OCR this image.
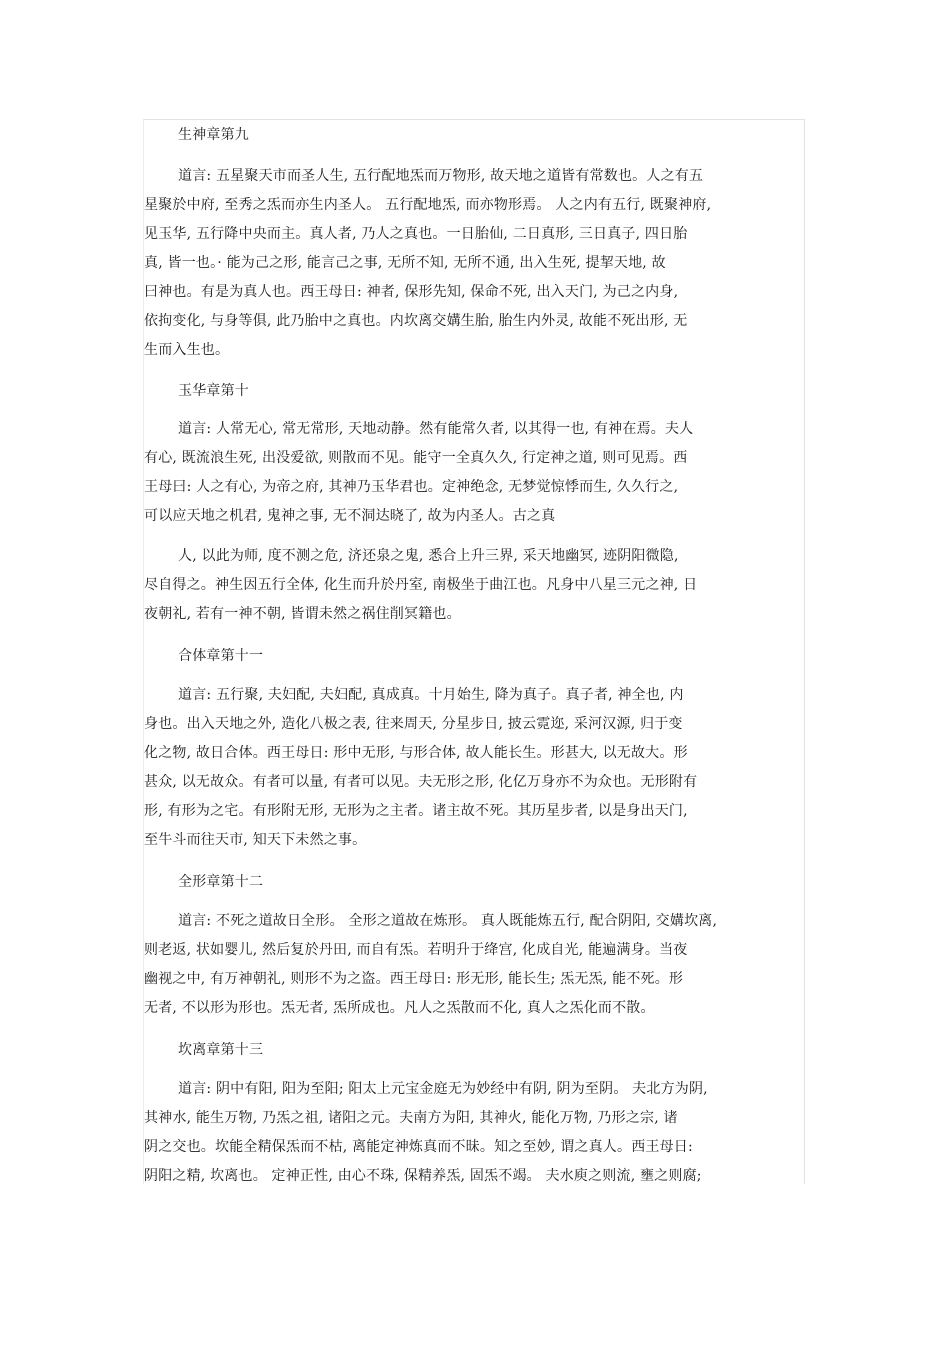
生神章第九
道言: 五星聚天市而圣人生, 五行配地炁而万物形, 故天地之道皆有常数也。人之有五
星聚於中府, 至秀之炁而亦生内圣人。 五行配地炁, 而亦物形焉。 人之内有五行, 既聚神府,
见玉华, 五行降中央而主。真人者, 乃人之真也。一日胎仙, 二日真形, 三日真子, 四日胎
真, 皆一也。· 能为己之形, 能言己之事, 无所不知, 无所不通, 出入生死, 提挈天地, 故
曰神也。有是为真人也。西王母日: 神者, 保形先知, 保命不死, 出入天门, 为己之内身,
依拘变化, 与身等俱, 此乃胎中之真也。内坎离交媾生胎, 胎生内外灵, 故能不死出形, 无
生而入生也。
玉华章第十
道言: 人常无心, 常无常形, 天地动静。然有能常久者, 以其得一也, 有神在焉。夫人
有心, 既流浪生死, 出没爱欲, 则散而不见。能守一全真久久, 行定神之道, 则可见焉。西
王母曰: 人之有心, 为帝之府, 其神乃玉华君也。定神绝念, 无梦觉惊悸而生, 久久行之,
可以应天地之机君, 鬼神之事, 无不洞达晓了, 故为内圣人。古之真
人, 以此为师, 度不测之危, 济还泉之鬼, 悉合上升三界, 采天地幽冥, 迹阴阳微隐,
尽自得之。神生因五行全体, 化生而升於丹室, 南极坐于曲江也。凡身中八星三元之神, 日
夜朝礼, 若有一神不朝, 皆谓未然之祸住削冥籍也。
合体章第十一
道言: 五行聚, 夫妇配, 夫妇配, 真成真。十月始生, 降为真子。真子者, 神全也, 内
身也。出入天地之外, 造化八极之表, 往来周天, 分星步日, 披云霓迩, 采河汉源, 归于变
化之物, 故日合体。西王母日: 形中无形, 与形合体, 故人能长生。形甚大, 以无故大。形
甚众, 以无故众。有者可以量, 有者可以见。夫无形之形, 化亿万身亦不为众也。无形附有
形, 有形为之宅。有形附无形, 无形为之主者。诸主故不死。其历星步者, 以是身出天门,
至牛斗而往天市, 知天下未然之事。
全形章第十二
道言: 不死之道故日全形。 全形之道故在炼形。 真人既能炼五行, 配合阴阳, 交媾坎离,
则老返, 状如婴儿, 然后复於丹田, 而自有炁。若明升于绛宫, 化成自光, 能遍满身。当夜
幽视之中, 有万神朝礼, 则形不为之盗。西王母日: 形无形, 能长生; 炁无炁, 能不死。形
无者, 不以形为形也。炁无者, 炁所成也。凡人之炁散而不化, 真人之炁化而不散。
坎离章第十三
道言: 阴中有阳, 阳为至阳; 阳太上元宝金庭无为妙经中有阴, 阴为至阴。 夫北方为阴,
其神水, 能生万物, 乃炁之祖, 诸阳之元。夫南方为阳, 其神火, 能化万物, 乃形之宗, 诸
阴之交也。坎能全精保炁而不枯, 离能定神炼真而不昧。知之至妙, 谓之真人。西王母日:
阴阳之精, 坎离也。 定神正性, 由心不珠, 保精养炁, 固炁不竭。 夫水庾之则流, 壅之则腐;
